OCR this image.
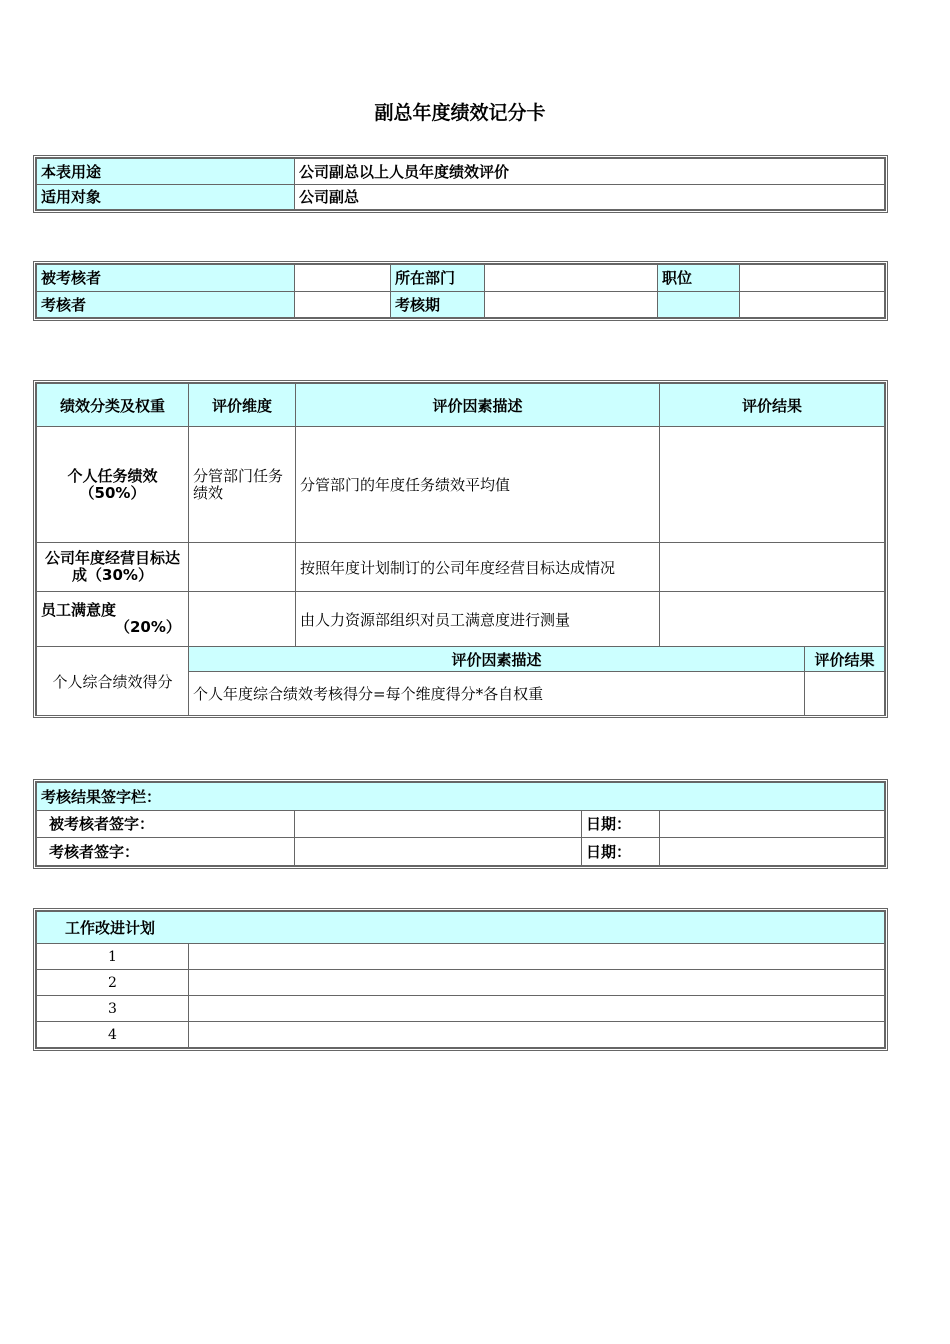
副总年度绩效记分卡
本表用途	公司副总以上人员年度绩效评价
适用对象	公司副总
被考核者		所在部门		职位	
考核者		考核期			
绩效分类及权重	评价维度	评价因素描述	评价结果	

个人任务绩效
（50%）	分管部门任务绩效	分管部门的年度任务绩效平均值		
公司年度经营目标达成（30%）		按照年度计划制订的公司年度经营目标达成情况		

员工满意度
（20%）		由人力资源部组织对员工满意度进行测量		
个人综合绩效得分	评价因素描述			评价结果
	个人年度综合绩效考核得分=每个维度得分*各自权重			
考核结果签字栏：			
被考核者签字：		日期：	
考核者签字：		日期：	
工作改进计划	
1	
2	
3	
4	
